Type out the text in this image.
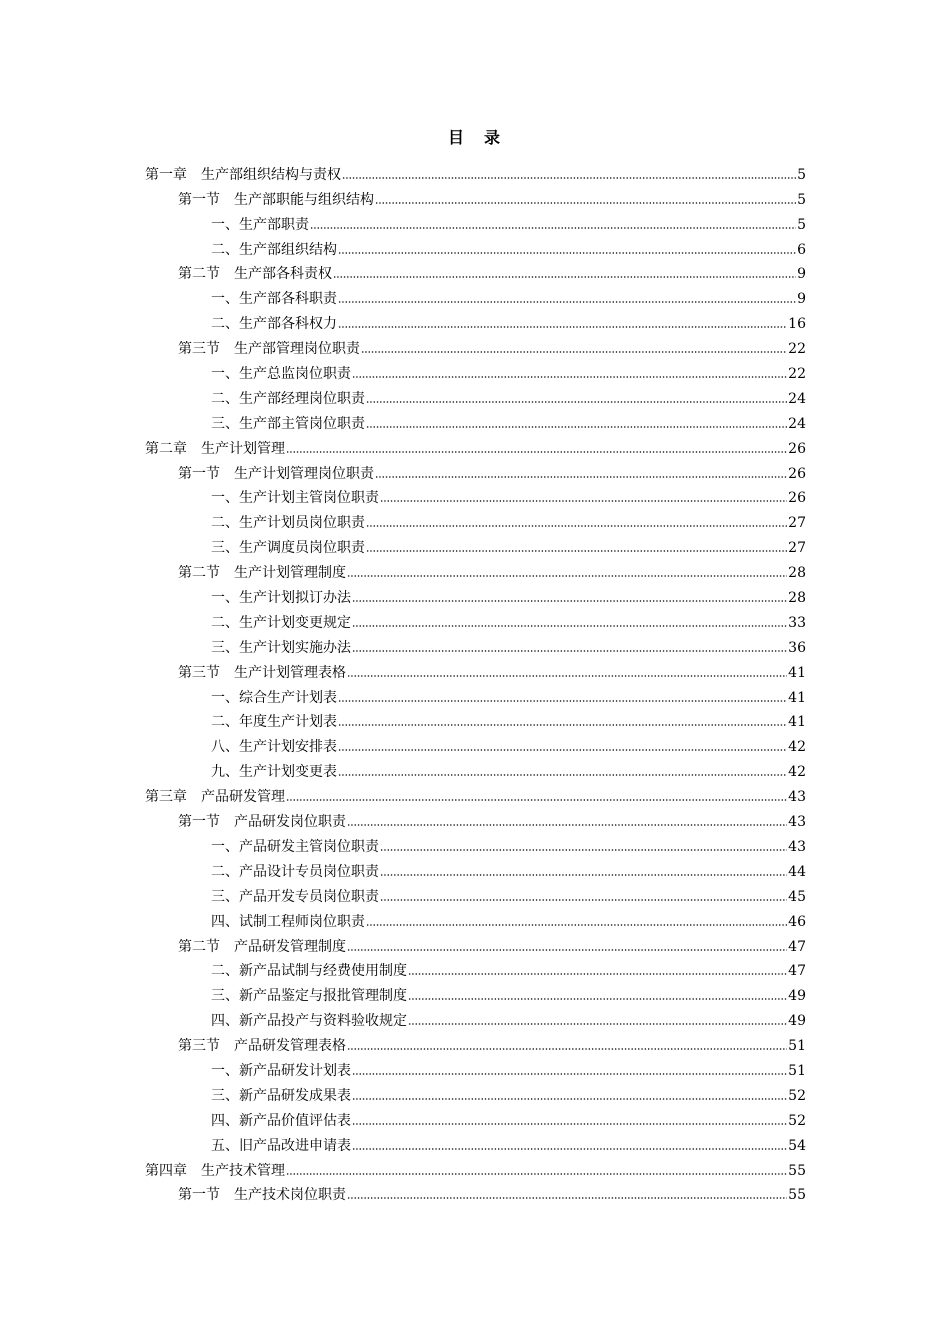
目　录
第一章　生产部组织结构与责权	5
第一节　生产部职能与组织结构	5
一、生产部职责	5
二、生产部组织结构	6
第二节　生产部各科责权	9
一、生产部各科职责	9
二、生产部各科权力	16
第三节　生产部管理岗位职责	22
一、生产总监岗位职责	22
二、生产部经理岗位职责	24
三、生产部主管岗位职责	24
第二章　生产计划管理	26
第一节　生产计划管理岗位职责	26
一、生产计划主管岗位职责	26
二、生产计划员岗位职责	27
三、生产调度员岗位职责	27
第二节　生产计划管理制度	28
一、生产计划拟订办法	28
二、生产计划变更规定	33
三、生产计划实施办法	36
第三节　生产计划管理表格	41
一、综合生产计划表	41
二、年度生产计划表	41
八、生产计划安排表	42
九、生产计划变更表	42
第三章　产品研发管理	43
第一节　产品研发岗位职责	43
一、产品研发主管岗位职责	43
二、产品设计专员岗位职责	44
三、产品开发专员岗位职责	45
四、试制工程师岗位职责	46
第二节　产品研发管理制度	47
二、新产品试制与经费使用制度	47
三、新产品鉴定与报批管理制度	49
四、新产品投产与资料验收规定	49
第三节　产品研发管理表格	51
一、新产品研发计划表	51
三、新产品研发成果表	52
四、新产品价值评估表	52
五、旧产品改进申请表	54
第四章　生产技术管理	55
第一节　生产技术岗位职责	55
